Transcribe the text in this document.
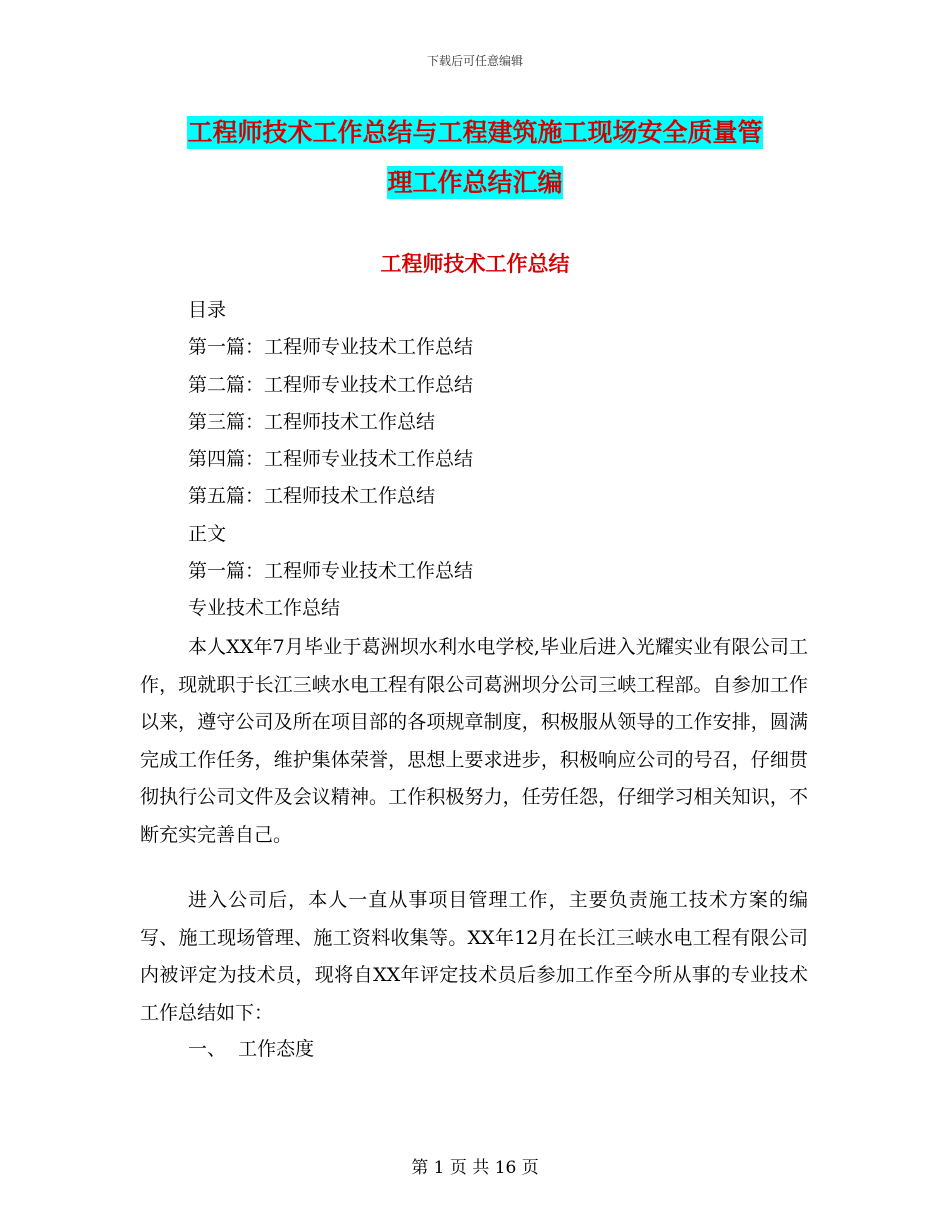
下载后可任意编辑
工程师技术工作总结与工程建筑施工现场安全质量管
理工作总结汇编
工程师技术工作总结
目录
第一篇：工程师专业技术工作总结
第二篇：工程师专业技术工作总结
第三篇：工程师技术工作总结
第四篇：工程师专业技术工作总结
第五篇：工程师技术工作总结
正文
第一篇：工程师专业技术工作总结
专业技术工作总结
本人XX年7月毕业于葛洲坝水利水电学校,毕业后进入光耀实业有限公司工作，现就职于长江三峡水电工程有限公司葛洲坝分公司三峡工程部。自参加工作以来，遵守公司及所在项目部的各项规章制度，积极服从领导的工作安排，圆满完成工作任务，维护集体荣誉，思想上要求进步，积极响应公司的号召，仔细贯彻执行公司文件及会议精神。工作积极努力，任劳任怨，仔细学习相关知识，不断充实完善自己。
进入公司后，本人一直从事项目管理工作，主要负责施工技术方案的编写、施工现场管理、施工资料收集等。XX年12月在长江三峡水电工程有限公司内被评定为技术员，现将自XX年评定技术员后参加工作至今所从事的专业技术工作总结如下：
一、  工作态度
第 1 页 共 16 页
